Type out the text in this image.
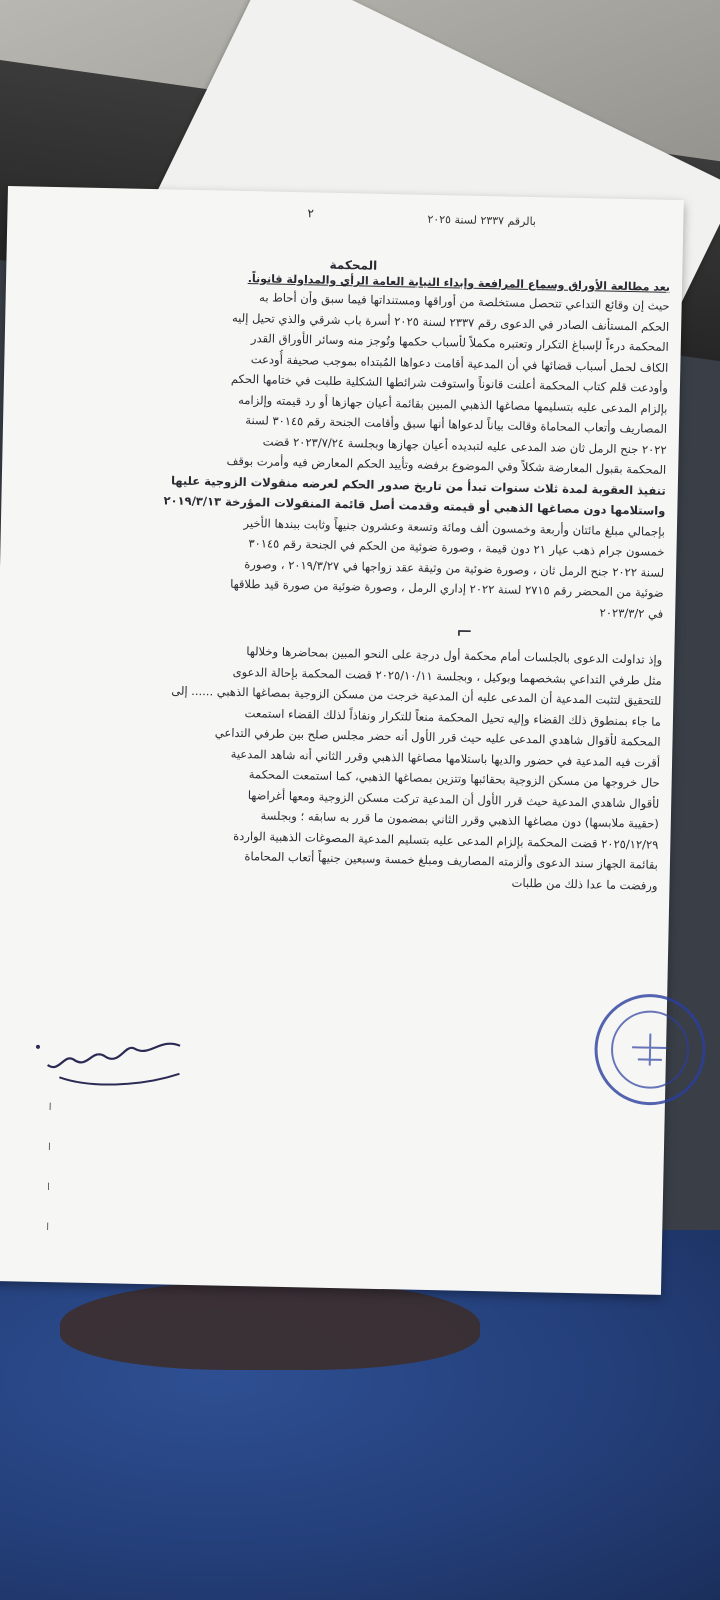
٢	بالرقم ٢٣٣٧ لسنة ٢٠٢٥
المحكمة
بعد مطالعة الأوراق وسماع المرافعة وإبداء النيابة العامة الرأي والمداولة قانوناً.
حيث إن وقائع التداعي تتحصل مستخلصة من أوراقها ومستنداتها فيما سبق وأن أحاط به
الحكم المستأنف الصادر في الدعوى رقم ٢٣٣٧ لسنة ٢٠٢٥ أسرة باب شرقي والذي تحيل إليه
المحكمة درءاً لإسباغ التكرار وتعتبره مكملاً لأسباب حكمها وتُوجز منه وسائر الأوراق القدر
الكاف لحمل أسباب قضائها في أن المدعية أقامت دعواها المُبتداه بموجب صحيفة أُودعت
وأودعت قلم كتاب المحكمة أعلنت قانوناً واستوفت شرائطها الشكلية طلبت في ختامها الحكم
بإلزام المدعى عليه بتسليمها مصاغها الذهبي المبين بقائمة أعيان جهازها أو رد قيمته وإلزامه
المصاريف وأتعاب المحاماة وقالت بياناً لدعواها أنها سبق وأقامت الجنحة رقم ٣٠١٤٥ لسنة
٢٠٢٢ جنح الرمل ثان ضد المدعى عليه لتبديده أعيان جهازها وبجلسة ٢٠٢٣/٧/٢٤ قضت
المحكمة بقبول المعارضة شكلاً وفي الموضوع برفضه وتأييد الحكم المعارض فيه وأمرت بوقف
تنفيذ العقوبة لمدة ثلاث سنوات تبدأ من تاريخ صدور الحكم لعرضه منقولات الزوجية عليها
واستلامها دون مصاغها الذهبي أو قيمته وقدمت أصل قائمة المنقولات المؤرخة ٢٠١٩/٣/١٣
بإجمالي مبلغ مائتان وأربعة وخمسون ألف ومائة وتسعة وعشرون جنيهاً وثابت ببندها الأخير
خمسون جرام ذهب عيار ٢١ دون قيمة ، وصورة ضوئية من الحكم في الجنحة رقم ٣٠١٤٥
لسنة ٢٠٢٢ جنح الرمل ثان ، وصورة ضوئية من وثيقة عقد زواجها في ٢٠١٩/٣/٢٧ ، وصورة
ضوئية من المحضر رقم ٢٧١٥ لسنة ٢٠٢٢ إداري الرمل ، وصورة ضوئية من صورة قيد طلاقها
في ٢٠٢٣/٣/٢
⌐
وإذ تداولت الدعوى بالجلسات أمام محكمة أول درجة على النحو المبين بمحاضرها وخلالها
مثل طرفي التداعي بشخصهما وبوكيل ، وبجلسة ٢٠٢٥/١٠/١١ قضت المحكمة بإحالة الدعوى
للتحقيق لتثبت المدعية أن المدعى عليه أن المدعية خرجت من مسكن الزوجية بمصاغها الذهبي ...... إلى
ما جاء بمنطوق ذلك القضاء وإليه تحيل المحكمة منعاً للتكرار ونفاذاً لذلك القضاء استمعت
المحكمة لأقوال شاهدي المدعى عليه حيث قرر الأول أنه حضر مجلس صلح بين طرفي التداعي
أقرت فيه المدعية في حضور والديها باستلامها مصاغها الذهبي وقرر الثاني أنه شاهد المدعية
حال خروجها من مسكن الزوجية بحقائبها وتتزين بمصاغها الذهبي، كما استمعت المحكمة
لأقوال شاهدي المدعية حيث قرر الأول أن المدعية تركت مسكن الزوجية ومعها أغراضها
(حقيبة ملابسها) دون مصاغها الذهبي وقرر الثاني بمضمون ما قرر به سابقه ؛ وبجلسة
٢٠٢٥/١٢/٢٩ قضت المحكمة بإلزام المدعى عليه بتسليم المدعية المصوغات الذهبية الواردة
بقائمة الجهاز سند الدعوى وألزمته المصاريف ومبلغ خمسة وسبعين جنيهاً أتعاب المحاماة
ورفضت ما عدا ذلك من طلبات
׀
׀
׀
׀
